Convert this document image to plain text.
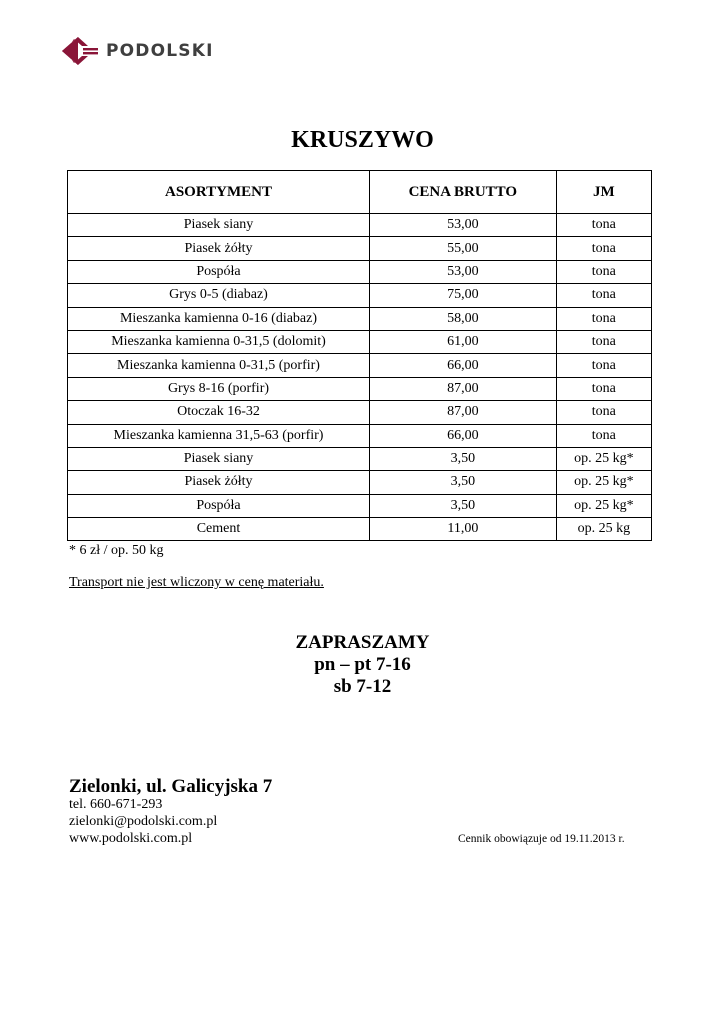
PODOLSKI
KRUSZYWO
ASORTYMENT	CENA BRUTTO	JM
Piasek siany	53,00	tona
Piasek żółty	55,00	tona
Pospóła	53,00	tona
Grys 0-5 (diabaz)	75,00	tona
Mieszanka kamienna 0-16 (diabaz)	58,00	tona
Mieszanka kamienna 0-31,5 (dolomit)	61,00	tona
Mieszanka kamienna 0-31,5 (porfir)	66,00	tona
Grys 8-16 (porfir)	87,00	tona
Otoczak 16-32	87,00	tona
Mieszanka kamienna 31,5-63 (porfir)	66,00	tona
Piasek siany	3,50	op. 25 kg*
Piasek żółty	3,50	op. 25 kg*
Pospóła	3,50	op. 25 kg*
Cement	11,00	op. 25 kg
* 6 zł / op. 50 kg
Transport nie jest wliczony w cenę materiału.
ZAPRASZAMY
pn – pt 7-16
sb 7-12
Zielonki, ul. Galicyjska 7
tel. 660-671-293
zielonki@podolski.com.pl
www.podolski.com.pl	Cennik obowiązuje od 19.11.2013 r.
